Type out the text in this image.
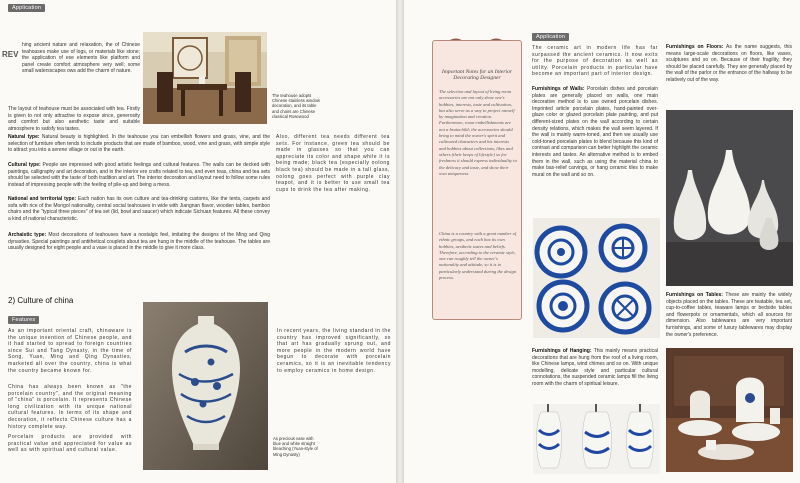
Application
REV
hing ancient nature and relaxation, the of Chinese teahouses make use of logs, or materials like stone; the application of ese elements like platform and panel create comfort atmosphere very well; some small watersscapes ows add the charm of nature.
The layout of teahouse must be associated with tea. Firstly is given to not only attractive to expose since, generosity and comfort but also aesthetic taste and suitable atmosphere to satisfy tea tastes.
The teahouse adopts Chinese stainless window decoration, and its table and chairs are Chinese classical Rosewood
Natural type: Natural beauty is highlighted. In the teahouse you can embellish flowers and grass, vine, and the selection of furniture often tends to include products that are made of bamboo, wood, vine and grass, with simple style to attract you into a serene village or out in the earth.
Cultural type: People are impressed with good artistic feelings and cultural features. The walls can be decked with paintings, calligraphy and art decoration, and in the interior ere crafts related to tea, and even teas, china and tea sets should be selected with the taste of both tradition and art. The interior decoration and layout need to follow some rules instead of impressing people with the feeling of pile-up and being a mess.
National and territorial type: Each nation has its own culture and tea-drinking customs, like the tents, carpets and sofa with rice of the Mongol nationality, central social teahouses in wide with Jiangnan flavor, wooden tables, bamboo chairs and the "typical three pieces" of tea set (lid, bowl and saucer) which indicate Sichuan features. All these convey a kind of national characteristic.
Archaistic type: Most decorations of teahouses have a nostalgic feel, imitating the designs of the Ming and Qing dynasties. Special paintings and antithetical couplets about tea are hung in the middle of the teahouse. The tables are usually designed for eight people and a vase is placed in the middle to give it more class.
Also, different tea needs different tea sets. For instance, green tea should be made in glasses so that you can appreciate its color and shape while it is being made; black tea (especially oolong black tea) should be made in a tall glass, oolong goes perfect with purple clay teapot, and it is better to use small tea cups to drink the tea after making.
2) Culture of china
Features
As an important oriental craft, chinaware is the unique invention of Chinese people, and it had started to spread to foreign countries since Sui and Tang Dynasty, in the time of Song, Yuan, Ming and Qing Dynasties, marketed all over the country, china is what the country became known for.
China has always been known as "the porcelain country", and the original meaning of "china" is porcelain. It represents Chinese long civilization with its unique national cultural features. In terms of its shape and decoration, it reflects Chinese culture has a history complete way.
Porcelain products are provided with practical value and appreciated for value as well as with spiritual and cultural value.
In recent years, the living standard in the country has improved significantly, so that art has gradually sprung out, and more people in the modern world have begun to decorate with porcelain ceramics, so it is an inevitable tendency to employ ceramics in home design.
As precious vase with blue and white straight bleaching (Yuan-style of Ming Dynasty)
Important Notes for an Interior Decorating Designer
The selection and layout of living room accessories are not only show one's hobbies, interests, taste and cultivation, but also serve as a way to project oneself by imagination and creation. Furthermore, room embellishments are not a brainchild; the accessories should bring to mind the owner's spirit and cultivated characters and his interests and hobbies about collections, likes and others (their keeps of lifestyle) so for freshness it should express individuality to the delicacy and taste, and show their own uniqueness.
China is a country with a great number of ethnic groups, and each has its own hobbies, aesthetic tastes and beliefs. Therefore, according to the ceramic style, one can roughly tell the owner's nationality and attitude, so it is to particularly understand during the design process.
Application
The ceramic art in modern life has far surpassed the ancient ceramics. It now exits for the purpose of decoration as well as utility. Porcelain products in particular have become an important part of interior design.
Furnishings on Floors: As the name suggests, this means large-scale decorations on floors, like vases, sculptures and so on. Because of their fragility, they should be placed carefully. They are generally placed by the wall of the parlor or the entrance of the hallway to be relatively out of the way.
Furnishings of Walls: Porcelain dishes and porcelain plates are generally placed on walls, one main decorative method is to use owned porcelain dishes. Imprinted article porcelain plates, hand-painted over-glaze color or glazed porcelain plate painting, and put different-sized plates on the wall according to certain density relations, which makes the wall seem layered. If the wall is mainly warm-toned, and then we usually use cold-toned porcelain plates to blend because this kind of contrast and comparison can better highlight the ceramic interests and tastes. An alternative method is to embed them in the wall, such as using the material china to make bas-relief carvings, or hang ceramic tiles to make mural on the wall and so on.
Furnishings on Tables: These are mainly the widely objects placed on the tables. These are teatable, tea set, cup-to-coffee tables, teaware lamps or bedside tables and flowerpots or ornamentals, which all sources for dimension. Also tablewares are very important furnishings, and some of luxury tablewares may display the owner's preference.
Furnishings of Hanging: This mainly means practical decorations that are hung from the roof of a living room, like Chinese lamps, wind chimes and so on. With unique modelling, delicate style and particular cultural connotations, the suspended ceramic lamps fill the living room with the charm of spiritual leisure.
